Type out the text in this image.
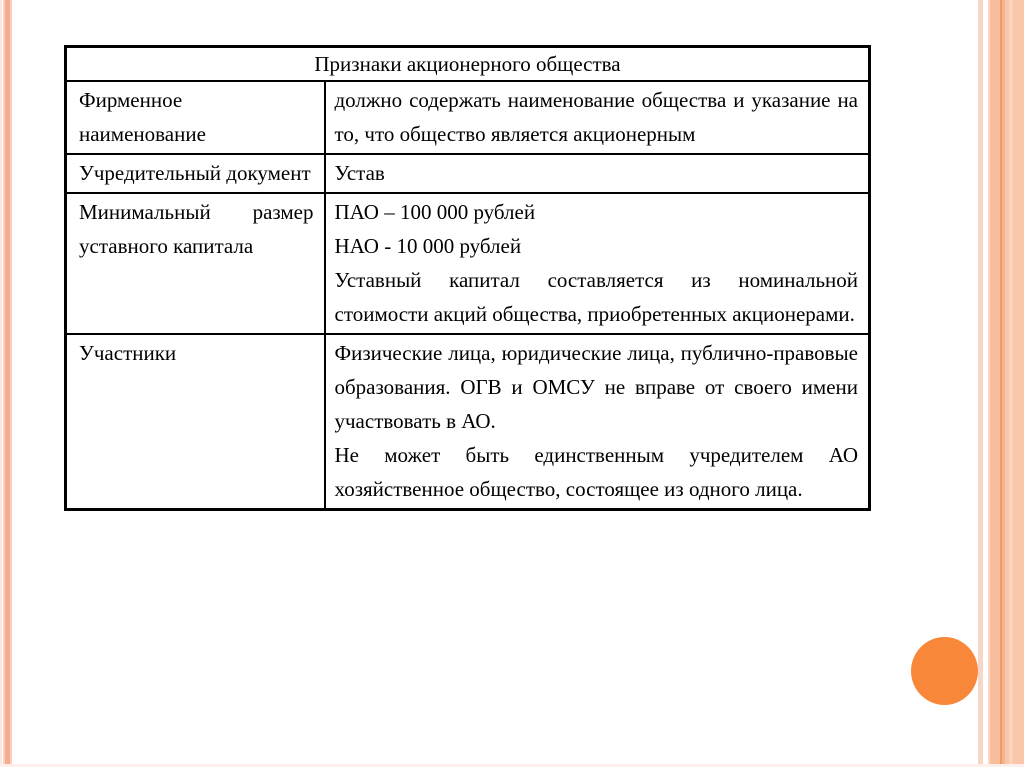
Признаки акционерного общества	

Фирменное наименование	должно содержать наименование общества и указание на то, что общество является акционерным

Учредительный документ	Устав

Минимальный размер уставного капитала	ПАО – 100 000 рублей

НАО - 10 000 рублей

Уставный капитал составляется из номинальной стоимости акций общества, приобретенных акционерами.

Участники	Физические лица, юридические лица, публично-правовые образования. ОГВ и ОМСУ не вправе от своего имени участвовать в АО.

Не может быть единственным учредителем АО хозяйственное общество, состоящее из одного лица.
